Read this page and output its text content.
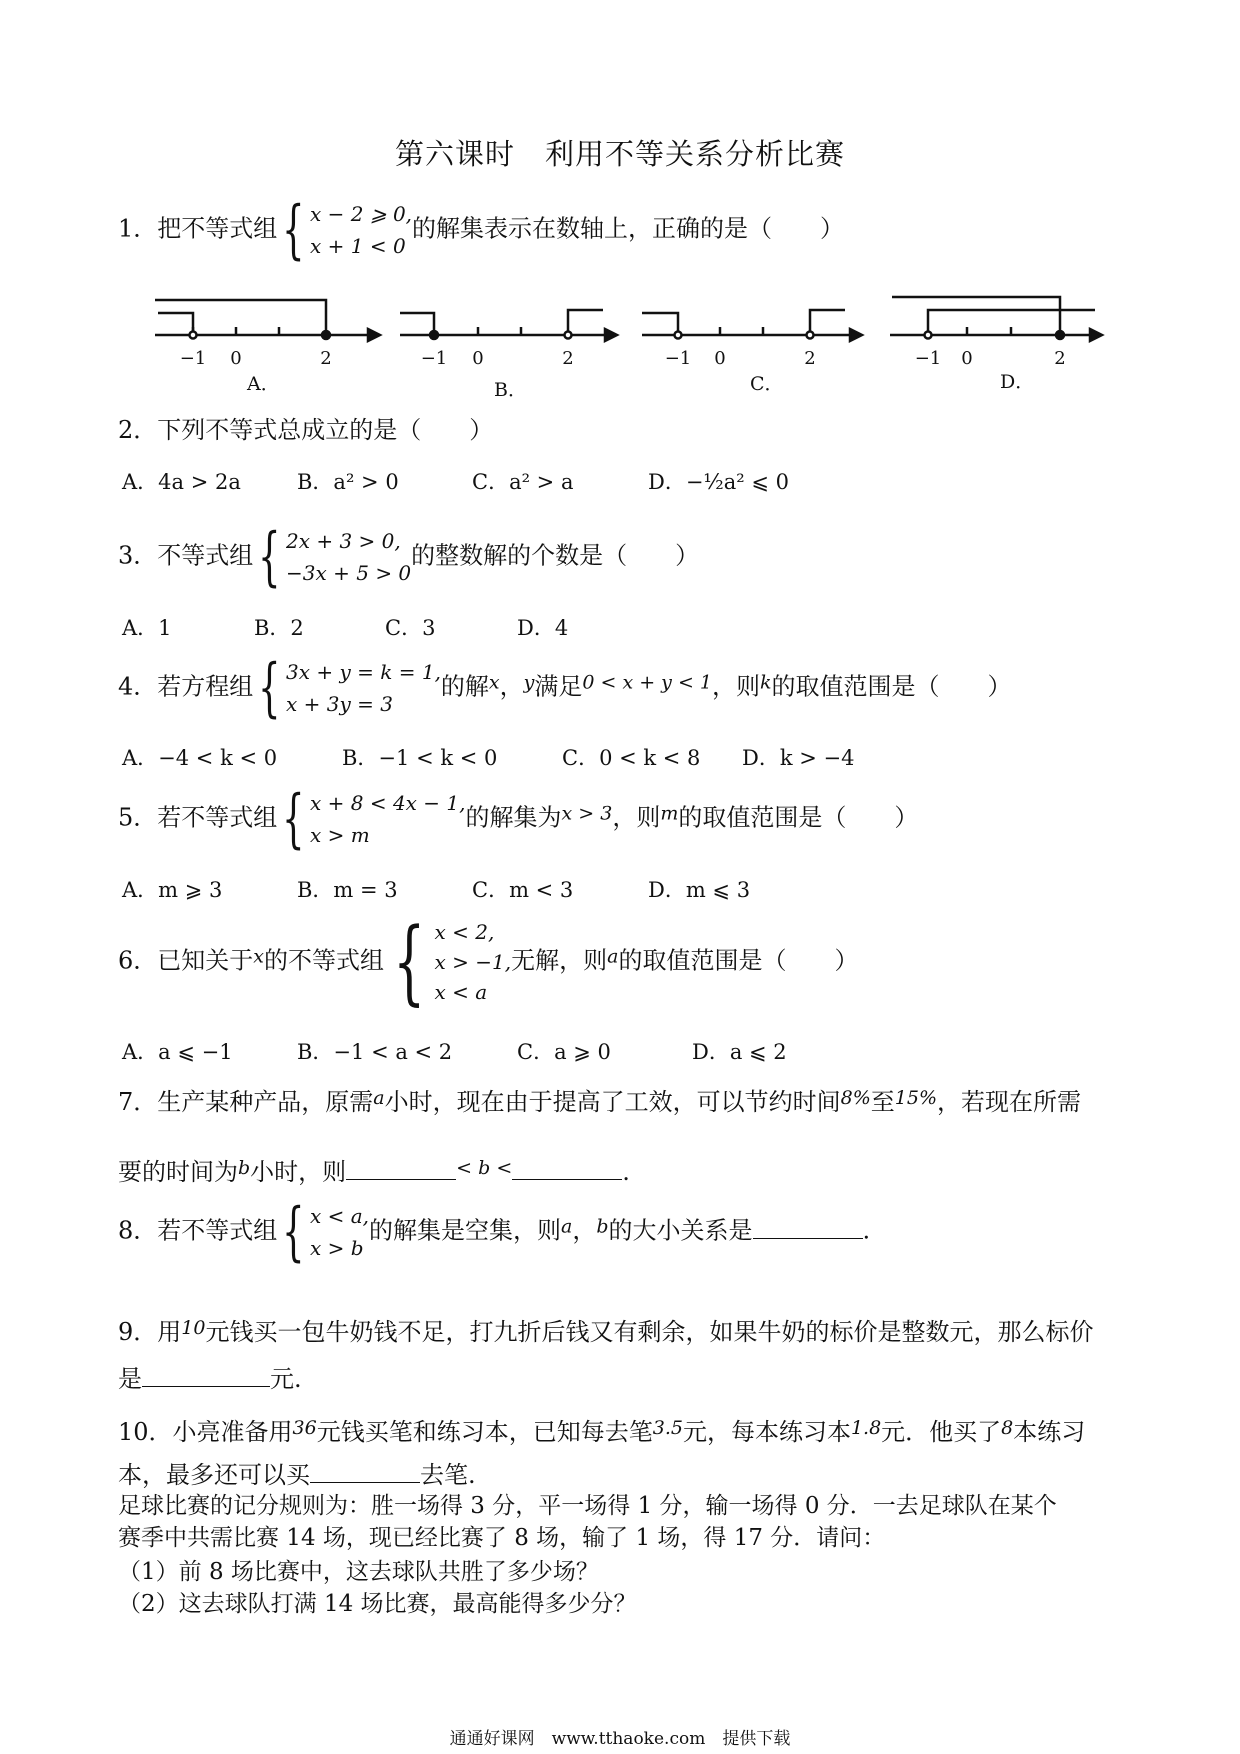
第六课时　利用不等关系分析比赛
1．把不等式组 { x − 2 ⩾ 0,
x + 1 < 0
的解集表示在数轴上，正确的是（　　）
−1 0	2	−1 0	2	−1 0	2	−1 0	2
A．	B．	C．	D．
2．下列不等式总成立的是（　　）
A．4a > 2a	B．a² > 0	C．a² > a	D．−½a² ⩽ 0
3．不等式组 { 2x + 3 > 0,
−3x + 5 > 0
的整数解的个数是（　　）
A．1	B．2	C．3	D．4
4．若方程组 { 3x + y = k = 1,
x + 3y = 3
的解$^x$，$^y$满足$^{0 < x + y < 1}$，则$^k$的取值范围是（　　）
A．−4 < k < 0	B．−1 < k < 0	C．0 < k < 8 D．k > −4
5．若不等式组 { x + 8 < 4x − 1,
x > m
的解集为$^{x > 3}$，则$^m$的取值范围是（　　）
A．m ⩾ 3	B．m = 3	C．m < 3	D．m ⩽ 3
6．已知关于$^x$的不等式组 { x < 2,
x > −1,
x < a
无解，则$^a$的取值范围是（　　）
A．a ⩽ −1	B．−1 < a < 2	C．a ⩾ 0	D．a ⩽ 2
7．生产某种产品，原需$^a$小时，现在由于提高了工效，可以节约时间$^{8\%}$至$^{15\%}$，若现在所需
要的时间为$^b$小时，则	$^{< b <}$	.
8．若不等式组 { x < a,
x > b
的解集是空集，则$^a$，$^b$的大小关系是	.
9．用$^{10}$元钱买一包牛奶钱不足，打九折后钱又有剩余，如果牛奶的标价是整数元，那么标价
是	元.
10．小亮准备用$^{36}$元钱买笔和练习本，已知每去笔$^{3.5}$元，每本练习本$^{1.8}$元．他买了$^8$本练习
本，最多还可以买	去笔.
足球比赛的记分规则为：胜一场得 3 分，平一场得 1 分，输一场得 0 分．一去足球队在某个
赛季中共需比赛 14 场，现已经比赛了 8 场，输了 1 场，得 17 分．请问：
（1）前 8 场比赛中，这去球队共胜了多少场？
（2）这去球队打满 14 场比赛，最高能得多少分？
通通好课网　www.tthaoke.com　提供下载
